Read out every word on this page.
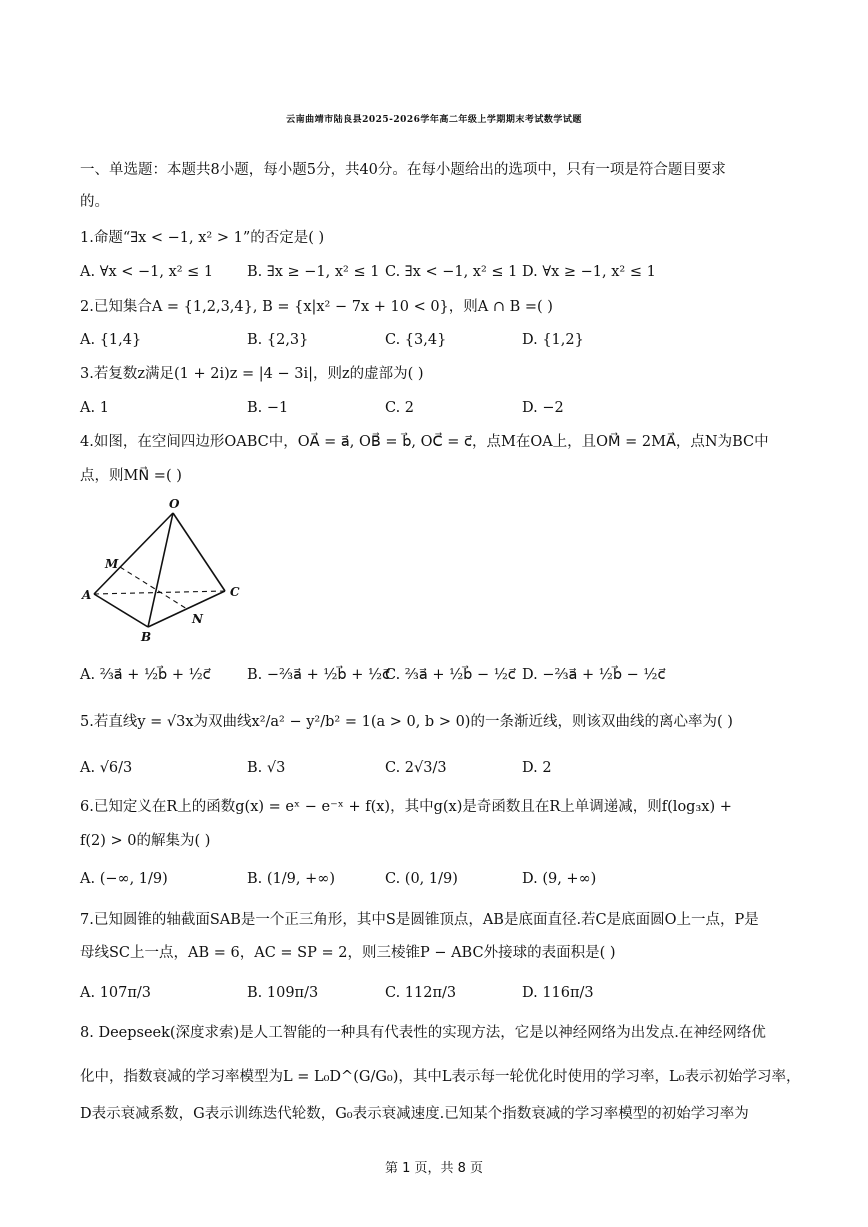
云南曲靖市陆良县2025-2026学年高二年级上学期期末考试数学试题
一、单选题：本题共8小题，每小题5分，共40分。在每小题给出的选项中，只有一项是符合题目要求
的。
1.命题“∃x < −1, x² > 1”的否定是( )
A. ∀x < −1, x² ≤ 1 B. ∃x ≥ −1, x² ≤ 1 C. ∃x < −1, x² ≤ 1 D. ∀x ≥ −1, x² ≤ 1
2.已知集合A = {1,2,3,4}, B = {x|x² − 7x + 10 < 0}，则A ∩ B =( )
A. {1,4}	B. {2,3}	C. {3,4}	D. {1,2}
3.若复数z满足(1 + 2i)z = |4 − 3i|，则z的虚部为( )
A. 1	B. −1	C. 2	D. −2
4.如图，在空间四边形OABC中，OA⃗ = a⃗, OB⃗ = b⃗, OC⃗ = c⃗，点M在OA上，且OM⃗ = 2MA⃗，点N为BC中
点，则MN⃗ =( )
O
M
A	C
B
N
A. ⅔a⃗ + ½b⃗ + ½c⃗	B. −⅔a⃗ + ½b⃗ + ½c⃗
C. ⅔a⃗ + ½b⃗ − ½c⃗ D. −⅔a⃗ + ½b⃗ − ½c⃗
5.若直线y = √3x为双曲线x²/a² − y²/b² = 1(a > 0, b > 0)的一条渐近线，则该双曲线的离心率为( )
A. √6/3	B. √3	C. 2√3/3	D. 2
6.已知定义在R上的函数g(x) = eˣ − e⁻ˣ + f(x)，其中g(x)是奇函数且在R上单调递减，则f(log₃x) +
f(2) > 0的解集为( )
A. (−∞, 1/9)	B. (1/9, +∞)	C. (0, 1/9)	D. (9, +∞)
7.已知圆锥的轴截面SAB是一个正三角形，其中S是圆锥顶点，AB是底面直径.若C是底面圆O上一点，P是
母线SC上一点，AB = 6，AC = SP = 2，则三棱锥P − ABC外接球的表面积是( )
A. 107π/3	B. 109π/3	C. 112π/3	D. 116π/3
8. Deepseek(深度求索)是人工智能的一种具有代表性的实现方法，它是以神经网络为出发点.在神经网络优
化中，指数衰减的学习率模型为L = L₀D^(G/G₀)，其中L表示每一轮优化时使用的学习率，L₀表示初始学习率，
D表示衰减系数，G表示训练迭代轮数，G₀表示衰减速度.已知某个指数衰减的学习率模型的初始学习率为
第 1 页，共 8 页
